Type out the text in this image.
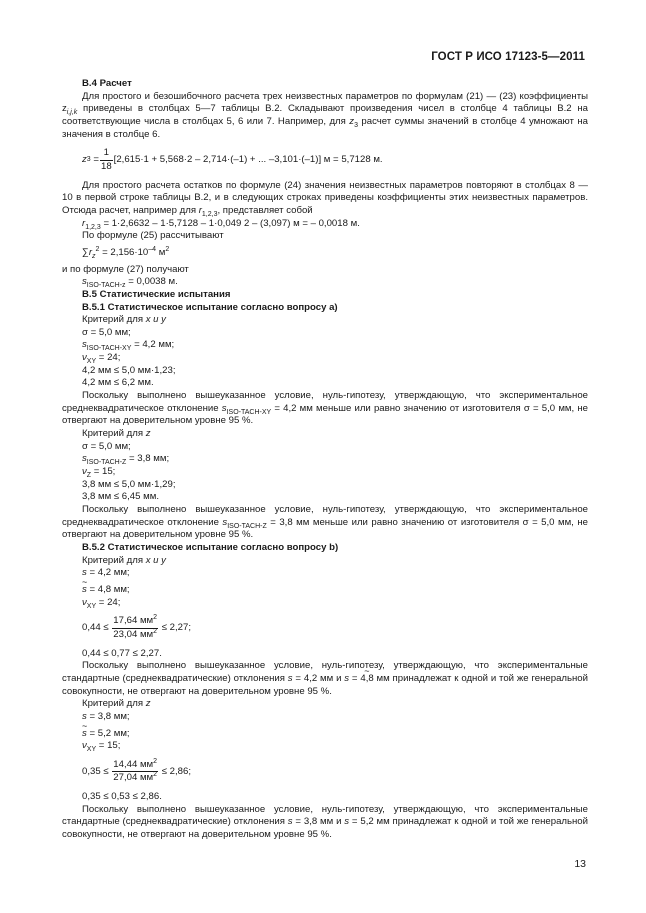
ГОСТ Р ИСО 17123-5—2011
В.4 Расчет

Для простого и безошибочного расчета трех неизвестных параметров по формулам (21) — (23) коэффициенты $z_{i,j,k}$ приведены в столбцах 5—7 таблицы В.2. Складывают произведения чисел в столбце 4 таблицы В.2 на соответствующие числа в столбцах 5, 6 или 7. Например, для $z_3$ расчет суммы значений в столбце 4 умножают на значения в столбце 6.

z 3
= $\frac{1}{18} [2,615\cdot 1 + 5,568\cdot 2 - 2,714\cdot(-1)$ + ... –3,101·(–1)] м = 5,7128 м.

Для простого расчета остатков по формуле (24) значения неизвестных параметров повторяют в столбцах 8 — 10 в первой строке таблицы В.2, и в следующих строках приведены коэффициенты этих неизвестных параметров. Отсюда расчет, например для $r_{1,2,3}$, представляет собой

$r_{1,2,3} = 1\cdot 2,6632 - 1\cdot 5,7128 - 1\cdot 0,049$ 2 – (3,097) м = – 0,0018 м.
По формуле (25) рассчитывают
$\sum r_z^2 = 2,156\cdot 10^{-4}$ $м^2$
и по формуле (27) получают
$s_{ISO-TACH-z} = 0,0038$ м.
В.5 Статистические испытания
В.5.1 Статистическое испытание согласно вопросу а)
Критерий для x и y
σ = 5,0 мм;
$s_{ISO-TACH-XY} = 4,2$ мм;
$\nu_{XY} = 24$;
4,2 мм ≤ 5,0 мм·1,23;
4,2 мм ≤ 6,2 мм.

Поскольку выполнено вышеуказанное условие, нуль-гипотезу, утверждающую, что экспериментальное среднеквадратическое отклонение $s_{ISO-TACH-XY} = 4,2$ мм меньше или равно значению от изготовителя σ = 5,0 мм, не отвергают на доверительном уровне 95 %.

Критерий для z
σ = 5,0 мм;
$s_{ISO-TACH-Z} = 3,8$ мм;
$\nu_Z = 15$;
3,8 мм ≤ 5,0 мм·1,29;
3,8 мм ≤ 6,45 мм.

Поскольку выполнено вышеуказанное условие, нуль-гипотезу, утверждающую, что экспериментальное среднеквадратическое отклонение $s_{ISO-TACH-Z} = 3,8$ мм меньше или равно значению от изготовителя σ = 5,0 мм, не отвергают на доверительном уровне 95 %.

В.5.2 Статистическое испытание согласно вопросу b)
Критерий для x и y
s = 4,2 мм;
~ s = 4,8 мм;
$\nu_{XY} = 24$;
0,44 ≤
$\frac{17,64 мм^2}{23,04 мм^2}$
≤ 2,27;
0,44 ≤ 0,77 ≤ 2,27.

Поскольку выполнено вышеуказанное условие, нуль-гипотезу, утверждающую, что экспериментальные стандартные (среднеквадратические) отклонения s = 4,2 мм и ~ s = 4,8 мм принадлежат к одной и той же генеральной совокупности, не отвергают на доверительном уровне 95 %.

Критерий для z
s = 3,8 мм;
~ s = 5,2 мм;
$\nu_{XY} = 15$;
0,35 ≤
$\frac{14,44 мм^2}{27,04 мм^2}$
≤ 2,86;
0,35 ≤ 0,53 ≤ 2,86.

Поскольку выполнено вышеуказанное условие, нуль-гипотезу, утверждающую, что экспериментальные стандартные (среднеквадратические) отклонения s = 3,8 мм и s = 5,2 мм принадлежат к одной и той же генеральной совокупности, не отвергают на доверительном уровне 95 %.

13
